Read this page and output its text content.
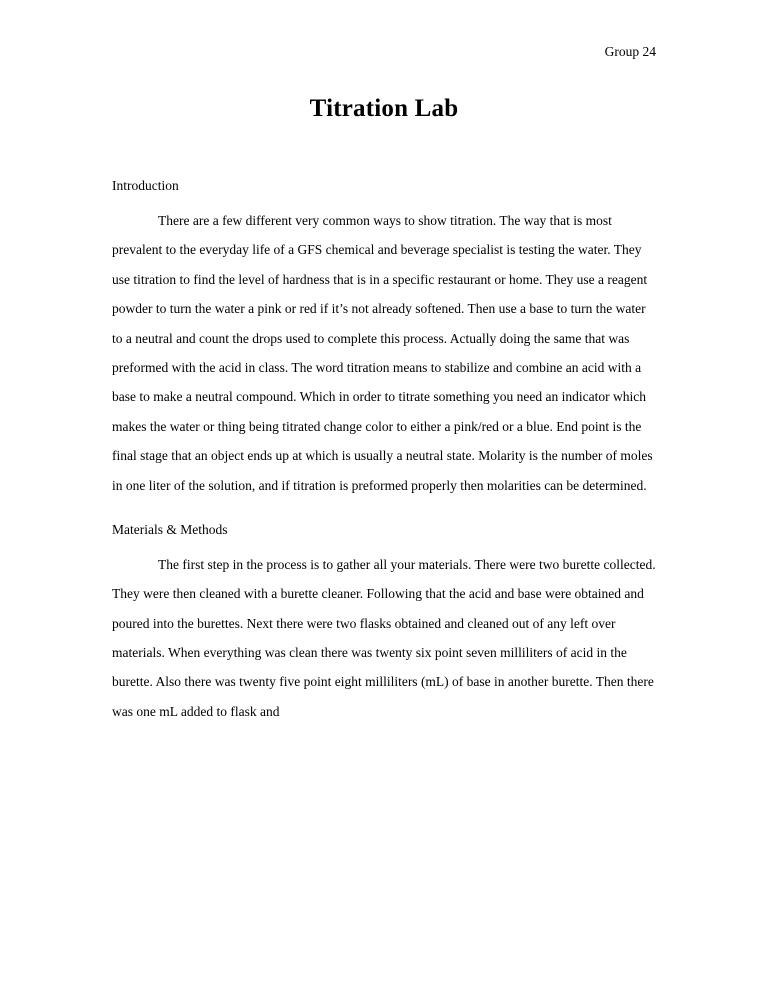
Group 24
Titration Lab
Introduction

There are a few different very common ways to show titration. The way that is most prevalent to the everyday life of a GFS chemical and beverage specialist is testing the water. They use titration to find the level of hardness that is in a specific restaurant or home. They use a reagent powder to turn the water a pink or red if it’s not already softened. Then use a base to turn the water to a neutral and count the drops used to complete this process. Actually doing the same that was preformed with the acid in class. The word titration means to stabilize and combine an acid with a base to make a neutral compound. Which in order to titrate something you need an indicator which makes the water or thing being titrated change color to either a pink/red or a blue. End point is the final stage that an object ends up at which is usually a neutral state. Molarity is the number of moles in one liter of the solution, and if titration is preformed properly then molarities can be determined.

Materials & Methods

The first step in the process is to gather all your materials. There were two burette collected. They were then cleaned with a burette cleaner. Following that the acid and base were obtained and poured into the burettes. Next there were two flasks obtained and cleaned out of any left over materials. When everything was clean there was twenty six point seven milliliters of acid in the burette. Also there was twenty five point eight milliliters (mL) of base in another burette. Then there was one mL added to flask and
